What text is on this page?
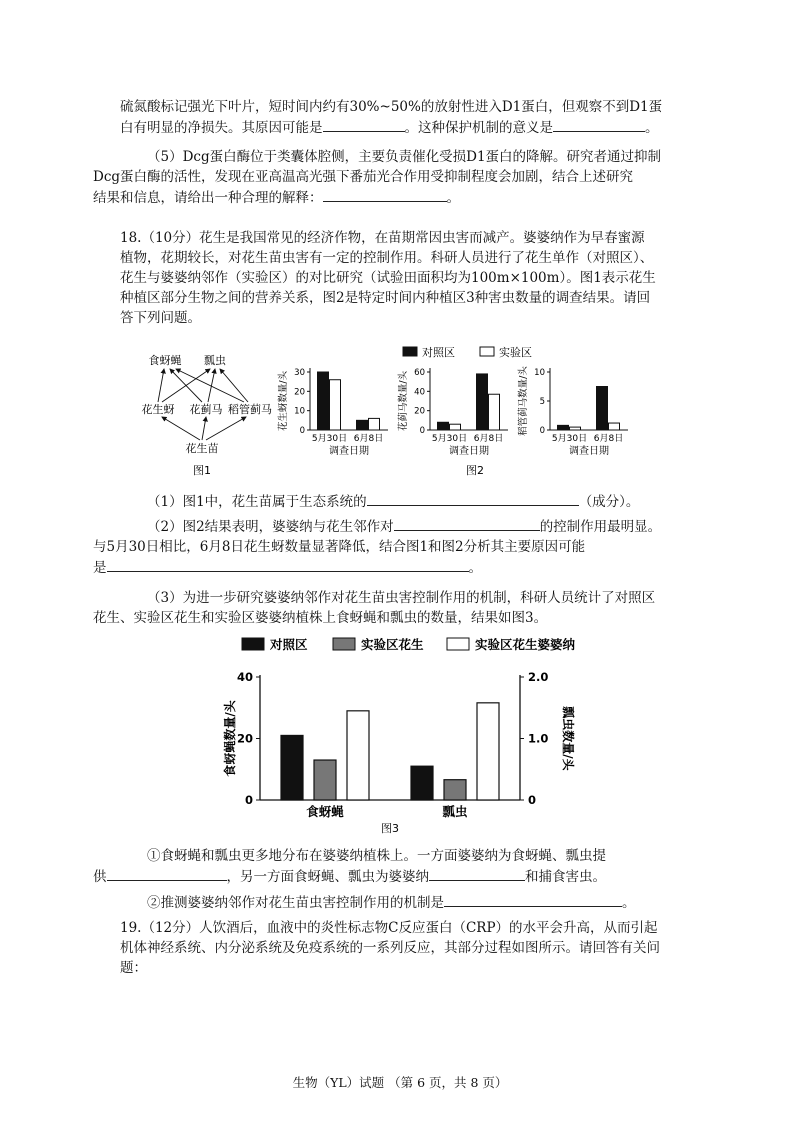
硫氮酸标记强光下叶片，短时间内约有30%~50%的放射性进入D1蛋白，但观察不到D1蛋
白有明显的净损失。其原因可能是	。这种保护机制的意义是	。

（5）Dcg蛋白酶位于类囊体腔侧，主要负责催化受损D1蛋白的降解。研究者通过抑制
Dcg蛋白酶的活性，发现在亚高温高光强下番茄光合作用受抑制程度会加剧，结合上述研究
结果和信息，请给出一种合理的解释：	。

18.（10分）花生是我国常见的经济作物，在苗期常因虫害而减产。婆婆纳作为早春蜜源
植物，花期较长，对花生苗虫害有一定的控制作用。科研人员进行了花生单作（对照区）、
花生与婆婆纳邻作（实验区）的对比研究（试验田面积均为100m×100m）。图1表示花生
种植区部分生物之间的营养关系，图2是特定时间内种植区3种害虫数量的调查结果。请回
答下列问题。

食蚜蝇 瓢虫
花生蚜 花蓟马 稻管蓟马
花生苗
图1
对照区	实验区
花生蚜数量/头 0
10
20
30
5月30日 6月8日
调查日期
花蓟马数量/头 0
20
40
60
5月30日 6月8日
调查日期
稻管蓟马数量/头 0
5
10
5月30日 6月8日
调查日期
图2

（1）图1中，花生苗属于生态系统的	（成分）。

（2）图2结果表明，婆婆纳与花生邻作对	的控制作用最明显。
与5月30日相比，6月8日花生蚜数量显著降低，结合图1和图2分析其主要原因可能
是	。

（3）为进一步研究婆婆纳邻作对花生苗虫害控制作用的机制，科研人员统计了对照区
花生、实验区花生和实验区婆婆纳植株上食蚜蝇和瓢虫的数量，结果如图3。

对照区	实验区花生	实验区花生婆婆纳
食蚜蝇数量/头	瓢虫数量/头
0
20
40
0
1.0
2.0
食蚜蝇	瓢虫
图3

①食蚜蝇和瓢虫更多地分布在婆婆纳植株上。一方面婆婆纳为食蚜蝇、瓢虫提
供	，另一方面食蚜蝇、瓢虫为婆婆纳	和捕食害虫。

②推测婆婆纳邻作对花生苗虫害控制作用的机制是	。

19.（12分）人饮酒后，血液中的炎性标志物C反应蛋白（CRP）的水平会升高，从而引起
机体神经系统、内分泌系统及免疫系统的一系列反应，其部分过程如图所示。请回答有关问
题：

生物（YL）试题 （第 6 页，共 8 页）
